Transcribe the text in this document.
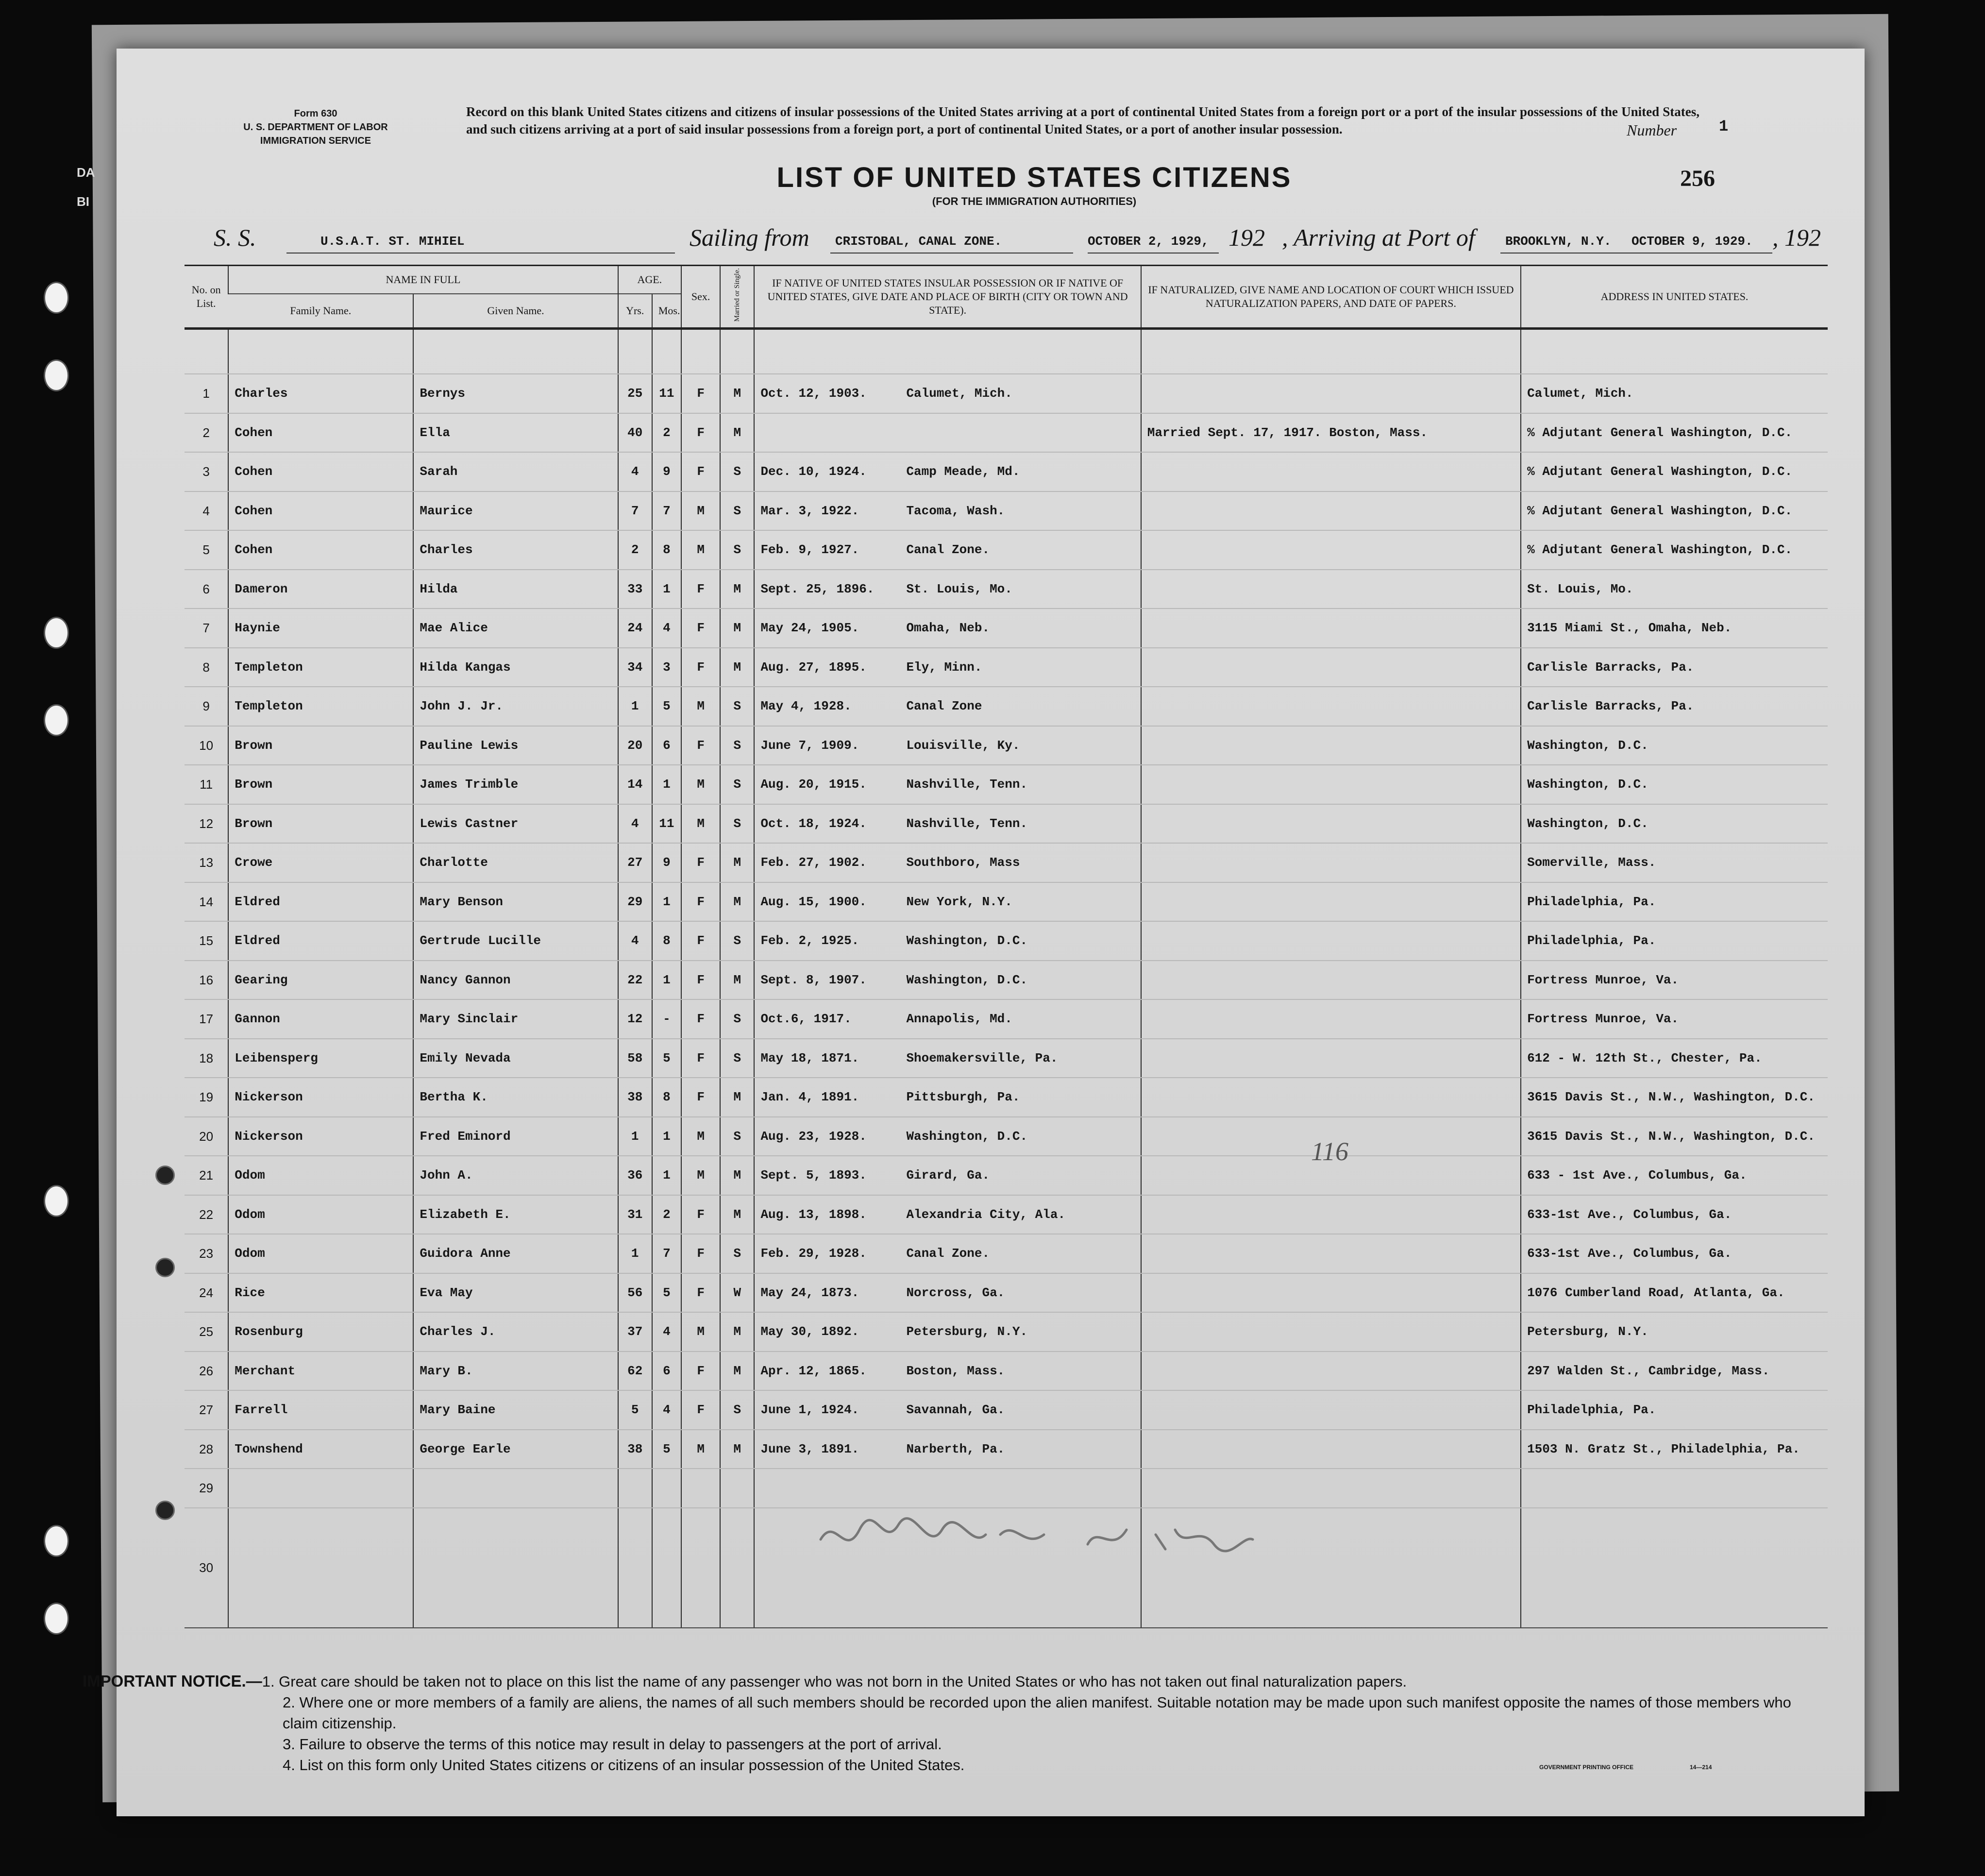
DA
BI
Form 630
U. S. DEPARTMENT OF LABOR
IMMIGRATION SERVICE
Record on this blank United States citizens and citizens of insular possessions of the United States arriving at a port of continental United States from a foreign port or a port of the insular possessions of the United States, and such citizens arriving at a port of said insular possessions from a foreign port, a port of continental United States, or a port of another insular possession.	Number	1
256
LIST OF UNITED STATES CITIZENS
(FOR THE IMMIGRATION AUTHORITIES)
S. S.	U.S.A.T. ST. MIHIEL	Sailing from CRISTOBAL, CANAL ZONE.	OCTOBER 2, 1929, 192 , Arriving at Port of BROOKLYN, N.Y. OCTOBER 9, 1929. , 192
No. on List.	NAME IN FULL		AGE.		Sex.	Married or Single.	IF NATIVE OF UNITED STATES INSULAR POSSESSION OR IF NATIVE OF UNITED STATES, GIVE DATE AND PLACE OF BIRTH (CITY OR TOWN AND STATE).	IF NATURALIZED, GIVE NAME AND LOCATION OF COURT WHICH ISSUED NATURALIZATION PAPERS, AND DATE OF PAPERS.	ADDRESS IN UNITED STATES.
	Family Name.	Given Name.	Yrs.	Mos.					

1	Charles	Bernys	25	11	F	M	Oct. 12, 1903. Calumet, Mich.		Calumet, Mich.
2	Cohen	Ella	40	2	F	M		Married Sept. 17, 1917. Boston, Mass.	% Adjutant General Washington, D.C.
3	Cohen	Sarah	4	9	F	S	Dec. 10, 1924. Camp Meade, Md.		% Adjutant General Washington, D.C.
4	Cohen	Maurice	7	7	M	S	Mar. 3, 1922. Tacoma, Wash.		% Adjutant General Washington, D.C.
5	Cohen	Charles	2	8	M	S	Feb. 9, 1927. Canal Zone.		% Adjutant General Washington, D.C.
6	Dameron	Hilda	33	1	F	M	Sept. 25, 1896. St. Louis, Mo.		St. Louis, Mo.
7	Haynie	Mae Alice	24	4	F	M	May 24, 1905. Omaha, Neb.		3115 Miami St., Omaha, Neb.
8	Templeton	Hilda Kangas	34	3	F	M	Aug. 27, 1895. Ely, Minn.		Carlisle Barracks, Pa.
9	Templeton	John J. Jr.	1	5	M	S	May 4, 1928. Canal Zone		Carlisle Barracks, Pa.
10	Brown	Pauline Lewis	20	6	F	S	June 7, 1909. Louisville, Ky.		Washington, D.C.
11	Brown	James Trimble	14	1	M	S	Aug. 20, 1915. Nashville, Tenn.		Washington, D.C.
12	Brown	Lewis Castner	4	11	M	S	Oct. 18, 1924. Nashville, Tenn.		Washington, D.C.
13	Crowe	Charlotte	27	9	F	M	Feb. 27, 1902. Southboro, Mass		Somerville, Mass.
14	Eldred	Mary Benson	29	1	F	M	Aug. 15, 1900. New York, N.Y.		Philadelphia, Pa.
15	Eldred	Gertrude Lucille	4	8	F	S	Feb. 2, 1925. Washington, D.C.		Philadelphia, Pa.
16	Gearing	Nancy Gannon	22	1	F	M	Sept. 8, 1907. Washington, D.C.		Fortress Munroe, Va.
17	Gannon	Mary Sinclair	12	-	F	S	Oct.6, 1917. Annapolis, Md.		Fortress Munroe, Va.
18	Leibensperg	Emily Nevada	58	5	F	S	May 18, 1871. Shoemakersville, Pa.		612 - W. 12th St., Chester, Pa.
19	Nickerson	Bertha K.	38	8	F	M	Jan. 4, 1891. Pittsburgh, Pa.		3615 Davis St., N.W., Washington, D.C.
20	Nickerson	Fred Eminord	1	1	M	S	Aug. 23, 1928. Washington, D.C.		3615 Davis St., N.W., Washington, D.C.
21	Odom	John A.	36	1	M	M	Sept. 5, 1893. Girard, Ga.		633 - 1st Ave., Columbus, Ga.
22	Odom	Elizabeth E.	31	2	F	M	Aug. 13, 1898. Alexandria City, Ala.		633-1st Ave., Columbus, Ga.
23	Odom	Guidora Anne	1	7	F	S	Feb. 29, 1928. Canal Zone.		633-1st Ave., Columbus, Ga.
24	Rice	Eva May	56	5	F	W	May 24, 1873. Norcross, Ga.		1076 Cumberland Road, Atlanta, Ga.
25	Rosenburg	Charles J.	37	4	M	M	May 30, 1892. Petersburg, N.Y.		Petersburg, N.Y.
26	Merchant	Mary B.	62	6	F	M	Apr. 12, 1865. Boston, Mass.		297 Walden St., Cambridge, Mass.
27	Farrell	Mary Baine	5	4	F	S	June 1, 1924. Savannah, Ga.		Philadelphia, Pa.
28	Townshend	George Earle	38	5	M	M	June 3, 1891. Narberth, Pa.		1503 N. Gratz St., Philadelphia, Pa.
29									
30									
116
IMPORTANT NOTICE.—1. Great care should be taken not to place on this list the name of any passenger who was not born in the United States or who has not taken out final naturalization papers.
2. Where one or more members of a family are aliens, the names of all such members should be recorded upon the alien manifest. Suitable notation may be made upon such manifest opposite the names of those members who claim citizenship.
3. Failure to observe the terms of this notice may result in delay to passengers at the port of arrival.
4. List on this form only United States citizens or citizens of an insular possession of the United States.	GOVERNMENT PRINTING OFFICE	14—214
